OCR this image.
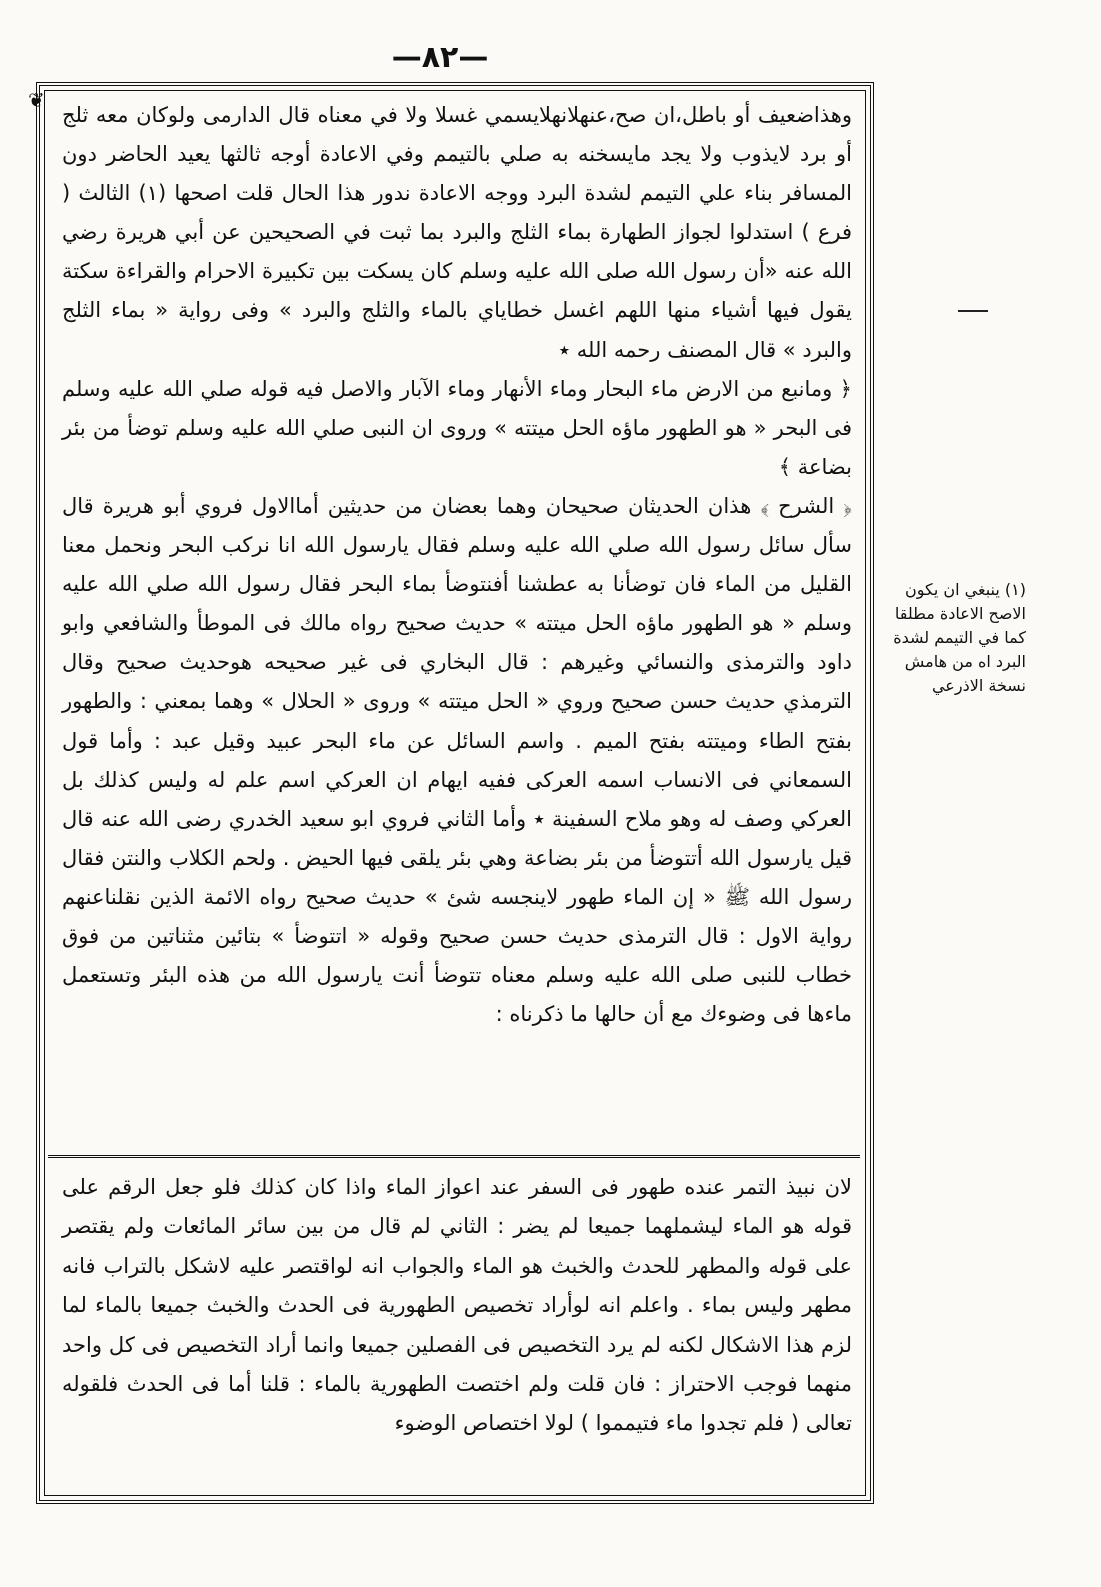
—٨٢—
❦

وهذاضعيف أو باطل،ان صح،عنهلانهلايسمي غسلا ولا في معناه قال الدارمى ولوكان معه ثلج أو برد لايذوب ولا يجد مايسخنه به صلي بالتيمم وفي الاعادة أوجه ثالثها يعيد الحاضر دون المسافر بناء علي التيمم لشدة البرد ووجه الاعادة ندور هذا الحال قلت اصحها (١) الثالث ( فرع ) استدلوا لجواز الطهارة بماء الثلج والبرد بما ثبت في الصحيحين عن أبي هريرة رضي الله عنه «أن رسول الله صلى الله عليه وسلم كان يسكت بين تكبيرة الاحرام والقراءة سكتة يقول فيها أشياء منها اللهم اغسل خطاياي بالماء والثلج والبرد » وفى رواية « بماء الثلج والبرد » قال المصنف رحمه الله ٭

﴿ ومانبع من الارض ماء البحار وماء الأنهار وماء الآبار والاصل فيه قوله صلي الله عليه وسلم فى البحر « هو الطهور ماؤه الحل ميتته » وروى ان النبى صلي الله عليه وسلم توضأ من بئر بضاعة ﴾

﴿ الشرح ﴾ هذان الحديثان صحيحان وهما بعضان من حديثين أماالاول فروي أبو هريرة قال سأل سائل رسول الله صلي الله عليه وسلم فقال يارسول الله انا نركب البحر ونحمل معنا القليل من الماء فان توضأنا به عطشنا أفنتوضأ بماء البحر فقال رسول الله صلي الله عليه وسلم « هو الطهور ماؤه الحل ميتته » حديث صحيح رواه مالك فى الموطأ والشافعي وابو داود والترمذى والنسائي وغيرهم : قال البخاري فى غير صحيحه هوحديث صحيح وقال الترمذي حديث حسن صحيح وروي « الحل ميتته » وروى « الحلال » وهما بمعني : والطهور بفتح الطاء وميتته بفتح الميم . واسم السائل عن ماء البحر عبيد وقيل عبد : وأما قول السمعاني فى الانساب اسمه العركى ففيه ايهام ان العركي اسم علم له وليس كذلك بل العركي وصف له وهو ملاح السفينة ٭ وأما الثاني فروي ابو سعيد الخدري رضى الله عنه قال قيل يارسول الله أتتوضأ من بئر بضاعة وهي بئر يلقى فيها الحيض . ولحم الكلاب والنتن فقال رسول الله ﷺ « إن الماء طهور لاينجسه شئ » حديث صحيح رواه الائمة الذين نقلناعنهم رواية الاول : قال الترمذى حديث حسن صحيح وقوله « اتتوضأ » بتائين مثناتين من فوق خطاب للنبى صلى الله عليه وسلم معناه تتوضأ أنت يارسول الله من هذه البئر وتستعمل ماءها فى وضوءك مع أن حالها ما ذكرناه :

لان نبيذ التمر عنده طهور فى السفر عند اعواز الماء واذا كان كذلك فلو جعل الرقم على قوله هو الماء ليشملهما جميعا لم يضر : الثاني لم قال من بين سائر المائعات ولم يقتصر على قوله والمطهر للحدث والخبث هو الماء والجواب انه لواقتصر عليه لاشكل بالتراب فانه مطهر وليس بماء . واعلم انه لوأراد تخصيص الطهورية فى الحدث والخبث جميعا بالماء لما لزم هذا الاشكال لكنه لم يرد التخصيص فى الفصلين جميعا وانما أراد التخصيص فى كل واحد منهما فوجب الاحتراز : فان قلت ولم اختصت الطهورية بالماء : قلنا أما فى الحدث فلقوله تعالى ( فلم تجدوا ماء فتيمموا ) لولا اختصاص الوضوء

(١) ينبغي ان يكون الاصح الاعادة مطلقا كما في التيمم لشدة البرد اه من هامش نسخة الاذرعي
